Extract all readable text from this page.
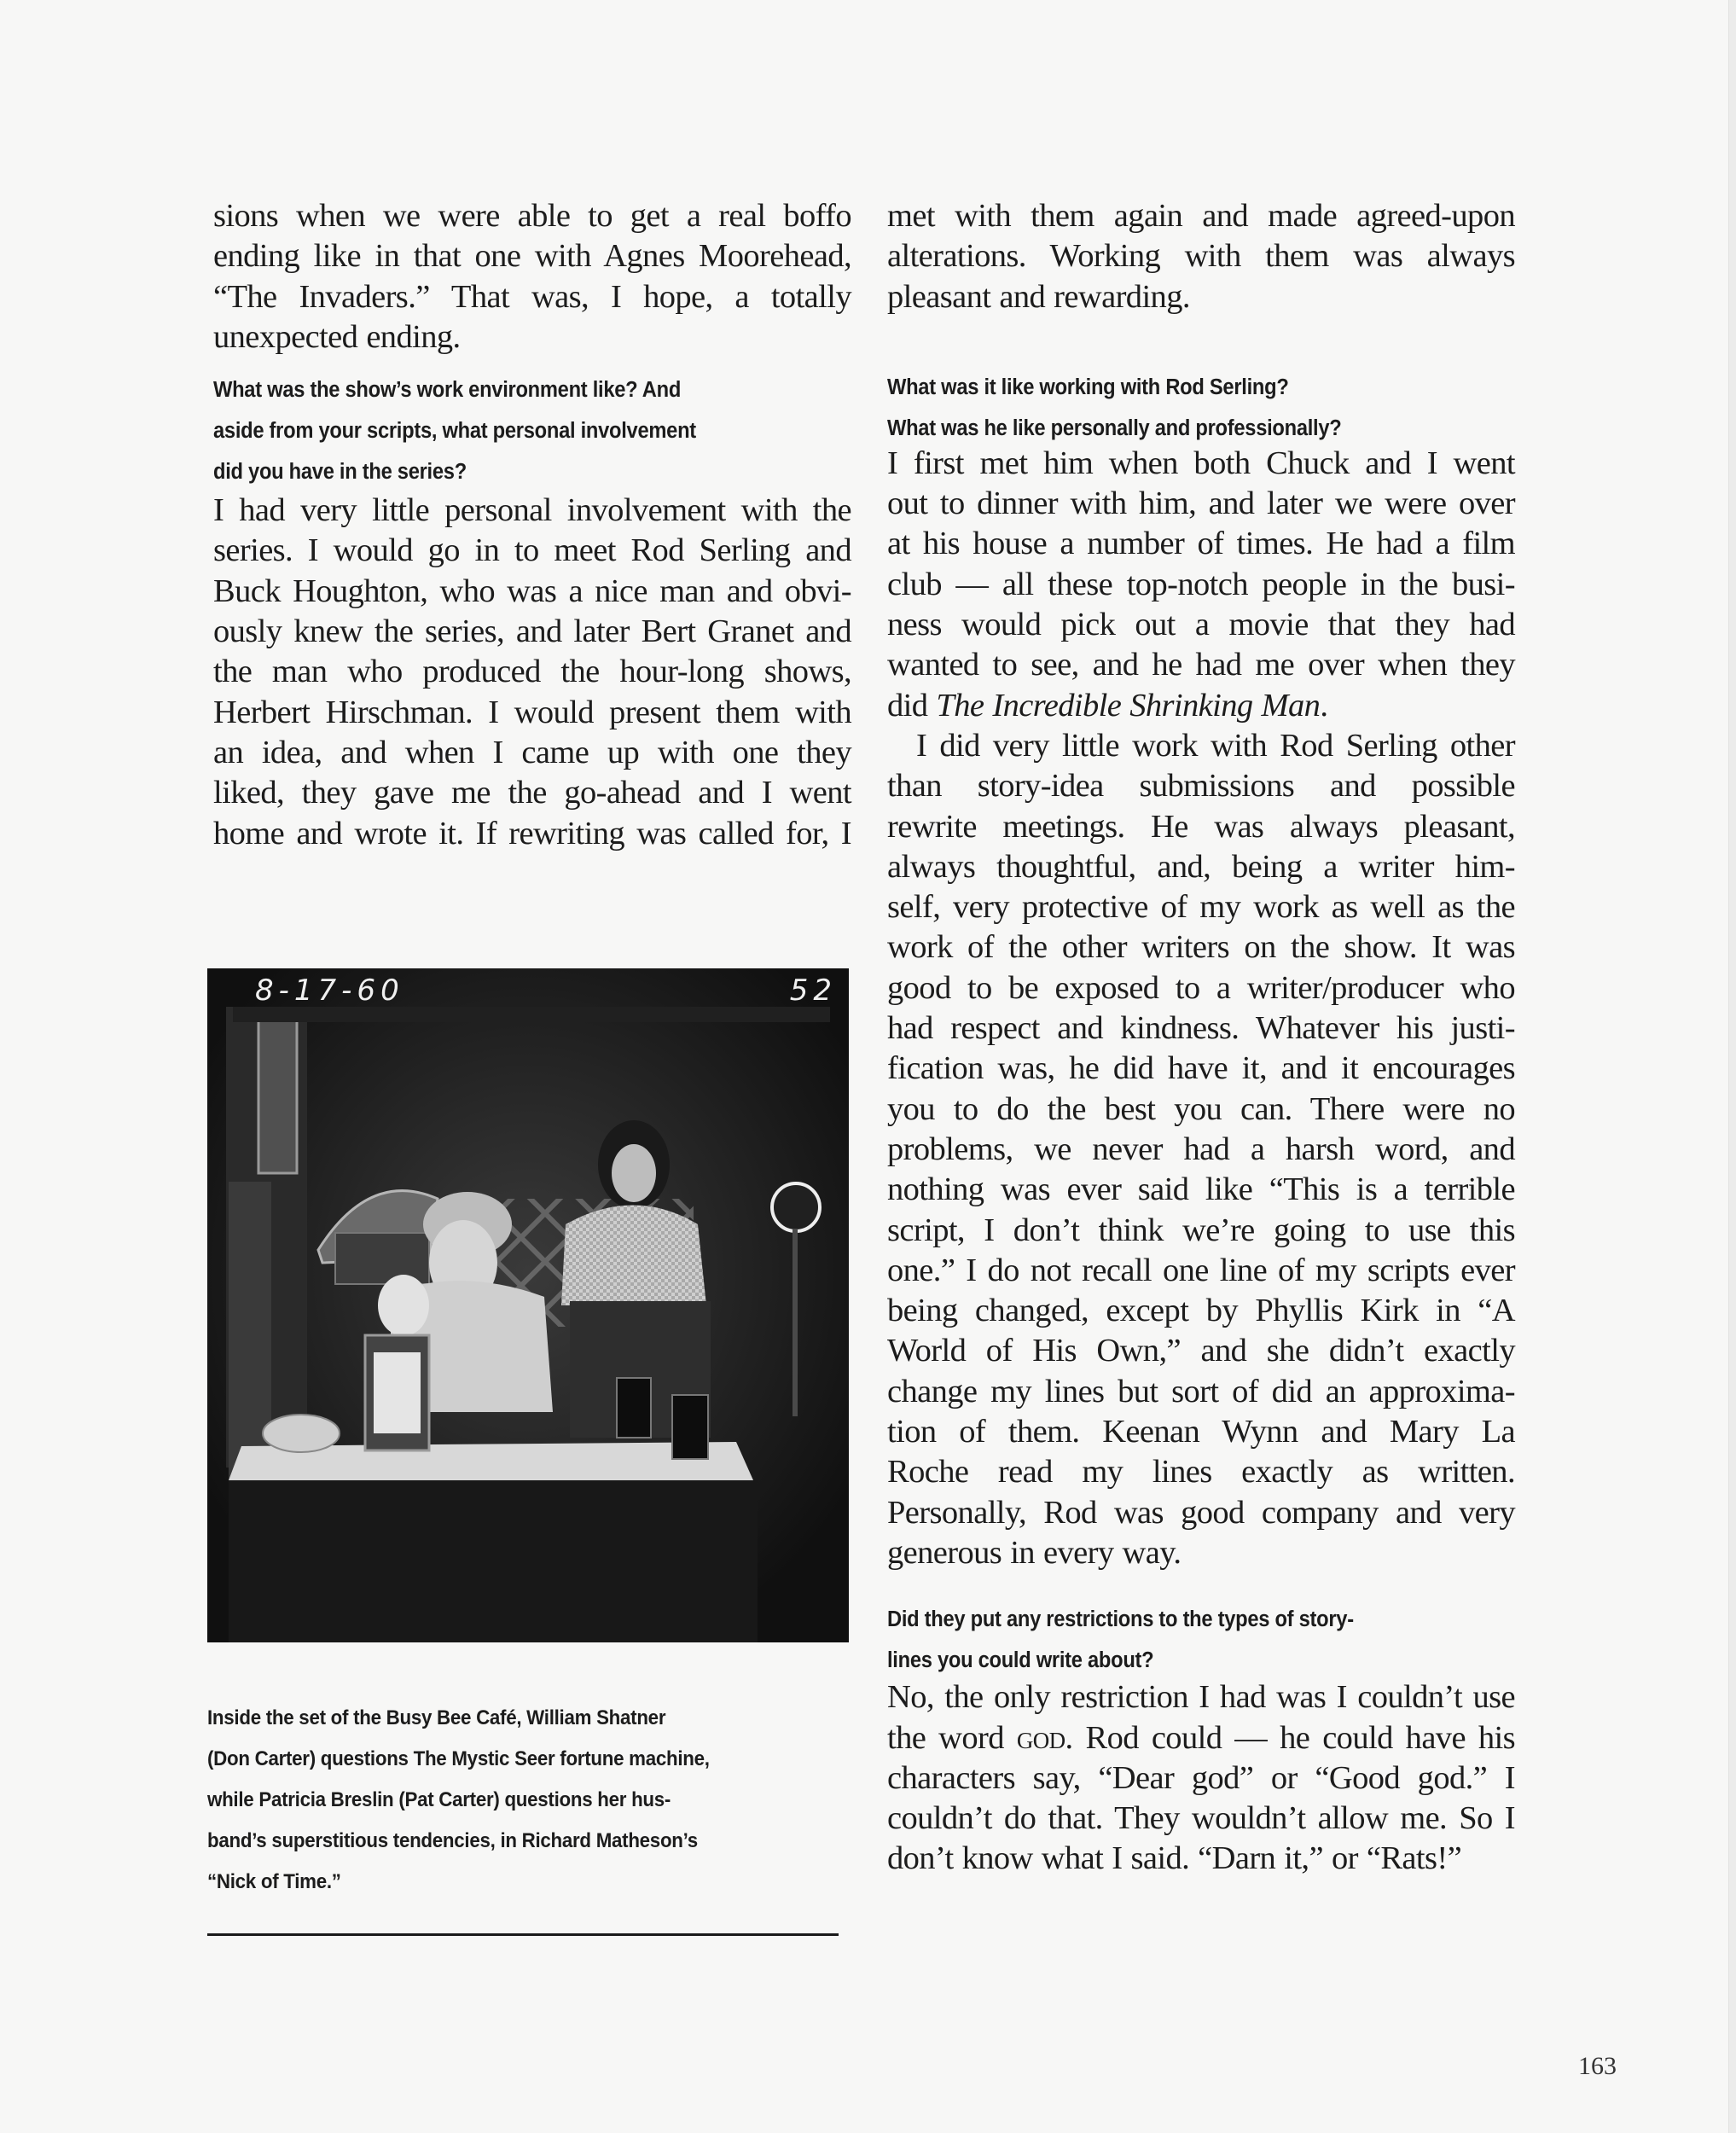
sions when we were able to get a real boffo
ending like in that one with Agnes Moorehead,
“The Invaders.” That was, I hope, a totally
unexpected ending.

What was the show’s work environment like? And
aside from your scripts, what personal involvement
did you have in the series?

I had very little personal involvement with the
series. I would go in to meet Rod Serling and
Buck Houghton, who was a nice man and obvi-
ously knew the series, and later Bert Granet and
the man who produced the hour-long shows,
Herbert Hirschman. I would present them with
an idea, and when I came up with one they
liked, they gave me the go-ahead and I went
home and wrote it. If rewriting was called for, I

8-17-60	52

Inside the set of the Busy Bee Café, William Shatner
(Don Carter) questions The Mystic Seer fortune machine,
while Patricia Breslin (Pat Carter) questions her hus-
band’s superstitious tendencies, in Richard Matheson’s
“Nick of Time.”

met with them again and made agreed-upon
alterations. Working with them was always
pleasant and rewarding.

What was it like working with Rod Serling?
What was he like personally and professionally?

I first met him when both Chuck and I went
out to dinner with him, and later we were over
at his house a number of times. He had a film
club — all these top-notch people in the busi-
ness would pick out a movie that they had
wanted to see, and he had me over when they
did The Incredible Shrinking Man.

I did very little work with Rod Serling other
than story-idea submissions and possible
rewrite meetings. He was always pleasant,
always thoughtful, and, being a writer him-
self, very protective of my work as well as the
work of the other writers on the show. It was
good to be exposed to a writer/producer who
had respect and kindness. Whatever his justi-
fication was, he did have it, and it encourages
you to do the best you can. There were no
problems, we never had a harsh word, and
nothing was ever said like “This is a terrible
script, I don’t think we’re going to use this
one.” I do not recall one line of my scripts ever
being changed, except by Phyllis Kirk in “A
World of His Own,” and she didn’t exactly
change my lines but sort of did an approxima-
tion of them. Keenan Wynn and Mary La
Roche read my lines exactly as written.
Personally, Rod was good company and very
generous in every way.

Did they put any restrictions to the types of story-
lines you could write about?

No, the only restriction I had was I couldn’t use
the word god. Rod could — he could have his
characters say, “Dear god” or “Good god.” I
couldn’t do that. They wouldn’t allow me. So I
don’t know what I said. “Darn it,” or “Rats!”

163
